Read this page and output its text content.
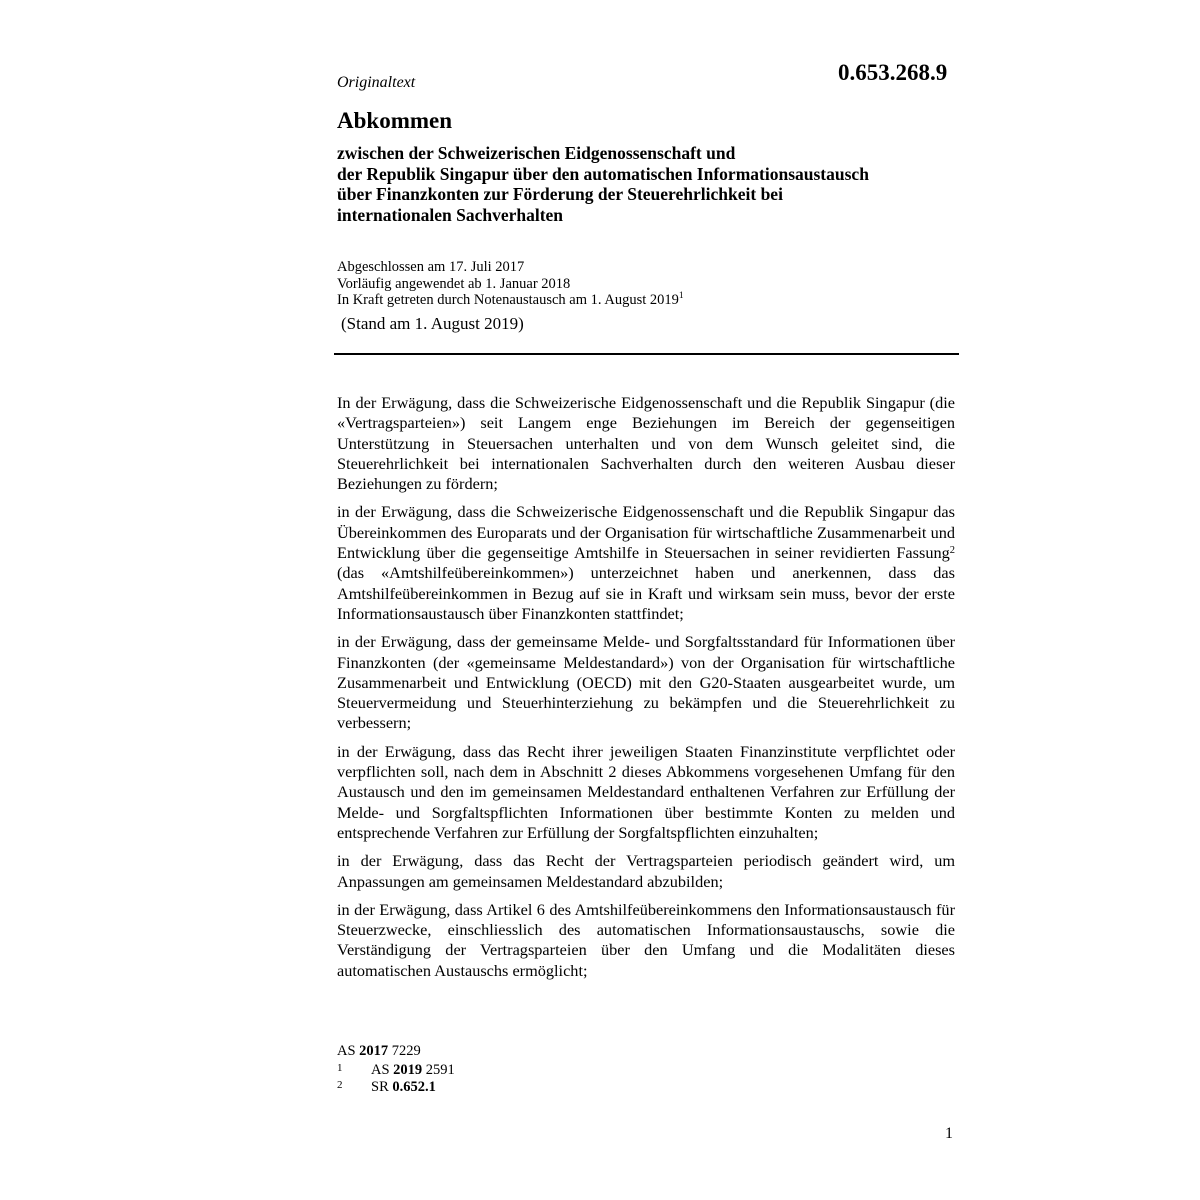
Originaltext	0.653.268.9
Abkommen
zwischen der Schweizerischen Eidgenossenschaft und
der Republik Singapur über den automatischen Informationsaustausch
über Finanzkonten zur Förderung der Steuerehrlichkeit bei
internationalen Sachverhalten
Abgeschlossen am 17. Juli 2017
Vorläufig angewendet ab 1. Januar 2018
In Kraft getreten durch Notenaustausch am 1. August 2019$^1$
(Stand am 1. August 2019)

In der Erwägung, dass die Schweizerische Eidgenossenschaft und die Republik Singapur (die «Vertragsparteien») seit Langem enge Beziehungen im Bereich der gegenseitigen Unterstützung in Steuersachen unterhalten und von dem Wunsch geleitet sind, die Steuerehrlichkeit bei internationalen Sachverhalten durch den weiteren Ausbau dieser Beziehungen zu fördern;

in der Erwägung, dass die Schweizerische Eidgenossenschaft und die Republik Singapur das Übereinkommen des Europarats und der Organisation für wirtschaftliche Zusammenarbeit und Entwicklung über die gegenseitige Amtshilfe in Steuersachen in seiner revidierten Fassung$^2$ (das «Amtshilfeübereinkommen») unterzeichnet haben und anerkennen, dass das Amtshilfeübereinkommen in Bezug auf sie in Kraft und wirksam sein muss, bevor der erste Informationsaustausch über Finanzkonten stattfindet;

in der Erwägung, dass der gemeinsame Melde- und Sorgfaltsstandard für Informationen über Finanzkonten (der «gemeinsame Meldestandard») von der Organisation für wirtschaftliche Zusammenarbeit und Entwicklung (OECD) mit den G20-Staaten ausgearbeitet wurde, um Steuervermeidung und Steuerhinterziehung zu bekämpfen und die Steuerehrlichkeit zu verbessern;

in der Erwägung, dass das Recht ihrer jeweiligen Staaten Finanzinstitute verpflichtet oder verpflichten soll, nach dem in Abschnitt 2 dieses Abkommens vorgesehenen Umfang für den Austausch und den im gemeinsamen Meldestandard enthaltenen Verfahren zur Erfüllung der Melde- und Sorgfaltspflichten Informationen über bestimmte Konten zu melden und entsprechende Verfahren zur Erfüllung der Sorgfaltspflichten einzuhalten;

in der Erwägung, dass das Recht der Vertragsparteien periodisch geändert wird, um Anpassungen am gemeinsamen Meldestandard abzubilden;

in der Erwägung, dass Artikel 6 des Amtshilfeübereinkommens den Informationsaustausch für Steuerzwecke, einschliesslich des automatischen Informationsaustauschs, sowie die Verständigung der Vertragsparteien über den Umfang und die Modalitäten dieses automatischen Austauschs ermöglicht;

AS 2017 7229
1 AS 2019 2591
2 SR 0.652.1
1
